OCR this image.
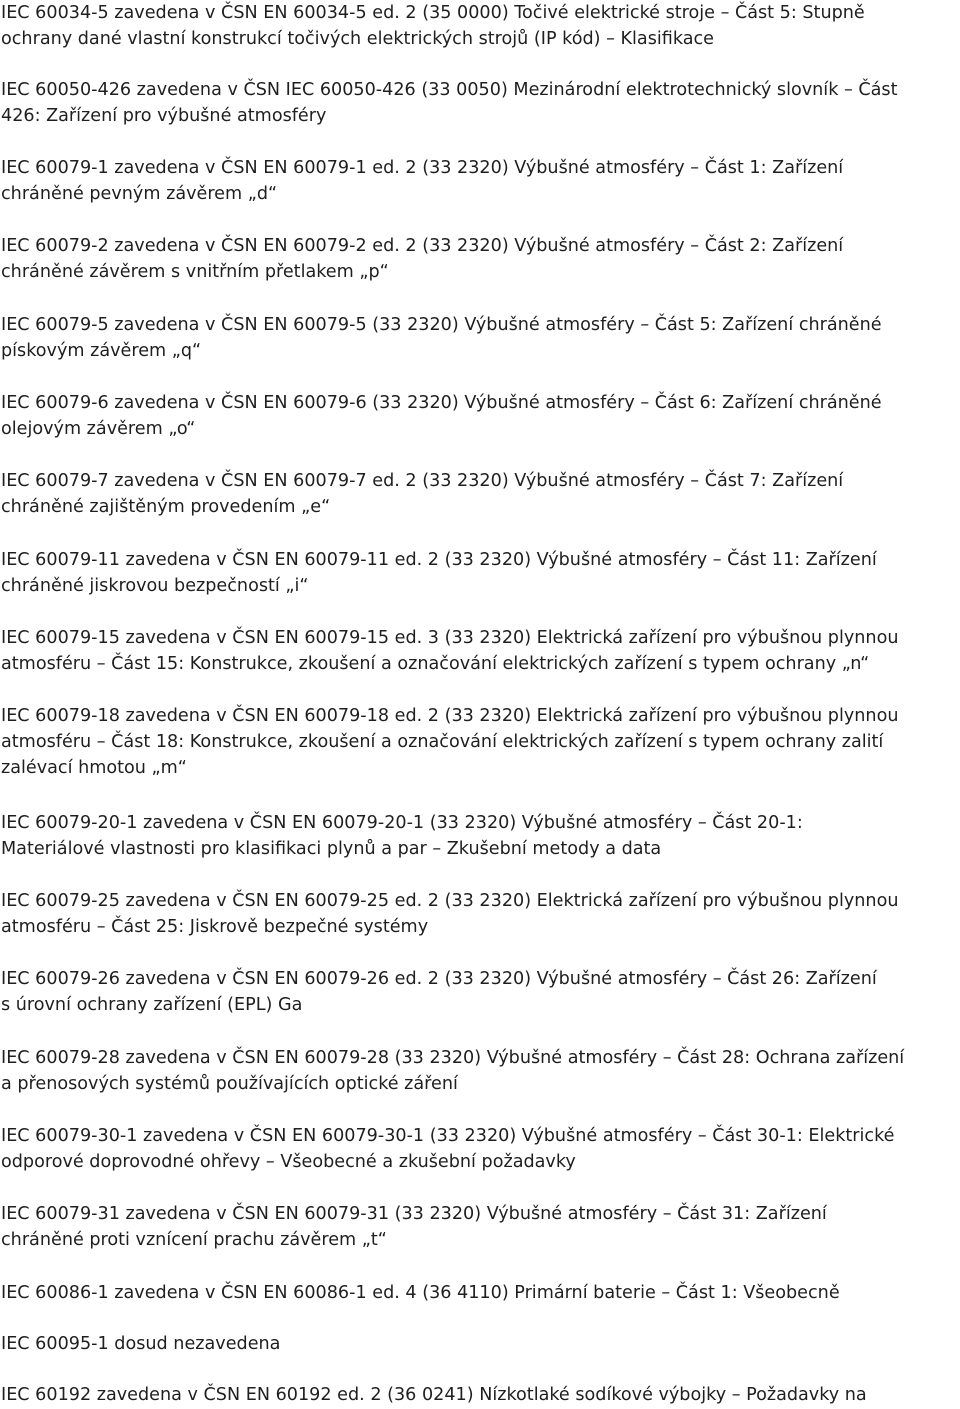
IEC 60034-5 zavedena v ČSN EN 60034-5 ed. 2 (35 0000) Točivé elektrické stroje – Část 5: Stupně
ochrany dané vlastní konstrukcí točivých elektrických strojů (IP kód) – Klasifikace

IEC 60050-426 zavedena v ČSN IEC 60050-426 (33 0050) Mezinárodní elektrotechnický slovník – Část
426: Zařízení pro výbušné atmosféry

IEC 60079-1 zavedena v ČSN EN 60079-1 ed. 2 (33 2320) Výbušné atmosféry – Část 1: Zařízení
chráněné pevným závěrem „d“

IEC 60079-2 zavedena v ČSN EN 60079-2 ed. 2 (33 2320) Výbušné atmosféry – Část 2: Zařízení
chráněné závěrem s vnitřním přetlakem „p“

IEC 60079-5 zavedena v ČSN EN 60079-5 (33 2320) Výbušné atmosféry – Část 5: Zařízení chráněné
pískovým závěrem „q“

IEC 60079-6 zavedena v ČSN EN 60079-6 (33 2320) Výbušné atmosféry – Část 6: Zařízení chráněné
olejovým závěrem „o“

IEC 60079-7 zavedena v ČSN EN 60079-7 ed. 2 (33 2320) Výbušné atmosféry – Část 7: Zařízení
chráněné zajištěným provedením „e“

IEC 60079-11 zavedena v ČSN EN 60079-11 ed. 2 (33 2320) Výbušné atmosféry – Část 11: Zařízení
chráněné jiskrovou bezpečností „i“

IEC 60079-15 zavedena v ČSN EN 60079-15 ed. 3 (33 2320) Elektrická zařízení pro výbušnou plynnou
atmosféru – Část 15: Konstrukce, zkoušení a označování elektrických zařízení s typem ochrany „n“

IEC 60079-18 zavedena v ČSN EN 60079-18 ed. 2 (33 2320) Elektrická zařízení pro výbušnou plynnou
atmosféru – Část 18: Konstrukce, zkoušení a označování elektrických zařízení s typem ochrany zalití
zalévací hmotou „m“

IEC 60079-20-1 zavedena v ČSN EN 60079-20-1 (33 2320) Výbušné atmosféry – Část 20-1:
Materiálové vlastnosti pro klasifikaci plynů a par – Zkušební metody a data

IEC 60079-25 zavedena v ČSN EN 60079-25 ed. 2 (33 2320) Elektrická zařízení pro výbušnou plynnou
atmosféru – Část 25: Jiskrově bezpečné systémy

IEC 60079-26 zavedena v ČSN EN 60079-26 ed. 2 (33 2320) Výbušné atmosféry – Část 26: Zařízení
s úrovní ochrany zařízení (EPL) Ga

IEC 60079-28 zavedena v ČSN EN 60079-28 (33 2320) Výbušné atmosféry – Část 28: Ochrana zařízení
a přenosových systémů používajících optické záření

IEC 60079-30-1 zavedena v ČSN EN 60079-30-1 (33 2320) Výbušné atmosféry – Část 30-1: Elektrické
odporové doprovodné ohřevy – Všeobecné a zkušební požadavky

IEC 60079-31 zavedena v ČSN EN 60079-31 (33 2320) Výbušné atmosféry – Část 31: Zařízení
chráněné proti vznícení prachu závěrem „t“

IEC 60086-1 zavedena v ČSN EN 60086-1 ed. 4 (36 4110) Primární baterie – Část 1: Všeobecně

IEC 60095-1 dosud nezavedena

IEC 60192 zavedena v ČSN EN 60192 ed. 2 (36 0241) Nízkotlaké sodíkové výbojky – Požadavky na
